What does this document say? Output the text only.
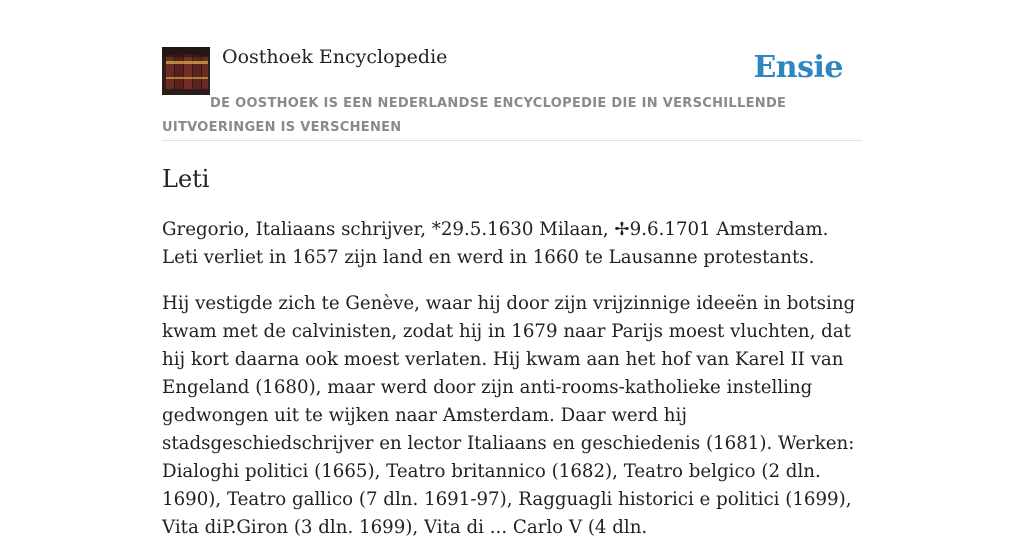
Oosthoek Encyclopedie	Ensie
DE OOSTHOEK IS EEN NEDERLANDSE ENCYCLOPEDIE DIE IN VERSCHILLENDE UITVOERINGEN IS VERSCHENEN
Leti

Gregorio, Italiaans schrijver, *29.5.1630 Milaan, ✢9.6.1701 Amsterdam. Leti verliet in 1657 zijn land en werd in 1660 te Lausanne protestants.

Hij vestigde zich te Genève, waar hij door zijn vrijzinnige ideeën in botsing kwam met de calvinisten, zodat hij in 1679 naar Parijs moest vluchten, dat hij kort daarna ook moest verlaten. Hij kwam aan het hof van Karel II van Engeland (1680), maar werd door zijn anti-rooms-katholieke instelling gedwongen uit te wijken naar Amsterdam. Daar werd hij stadsgeschiedschrijver en lector Italiaans en geschiedenis (1681). Werken: Dialoghi politici (1665), Teatro britannico (1682), Teatro belgico (2 dln. 1690), Teatro gallico (7 dln. 1691-97), Ragguagli historici e politici (1699), Vita diP.Giron (3 dln. 1699), Vita di ... Carlo V (4 dln.
